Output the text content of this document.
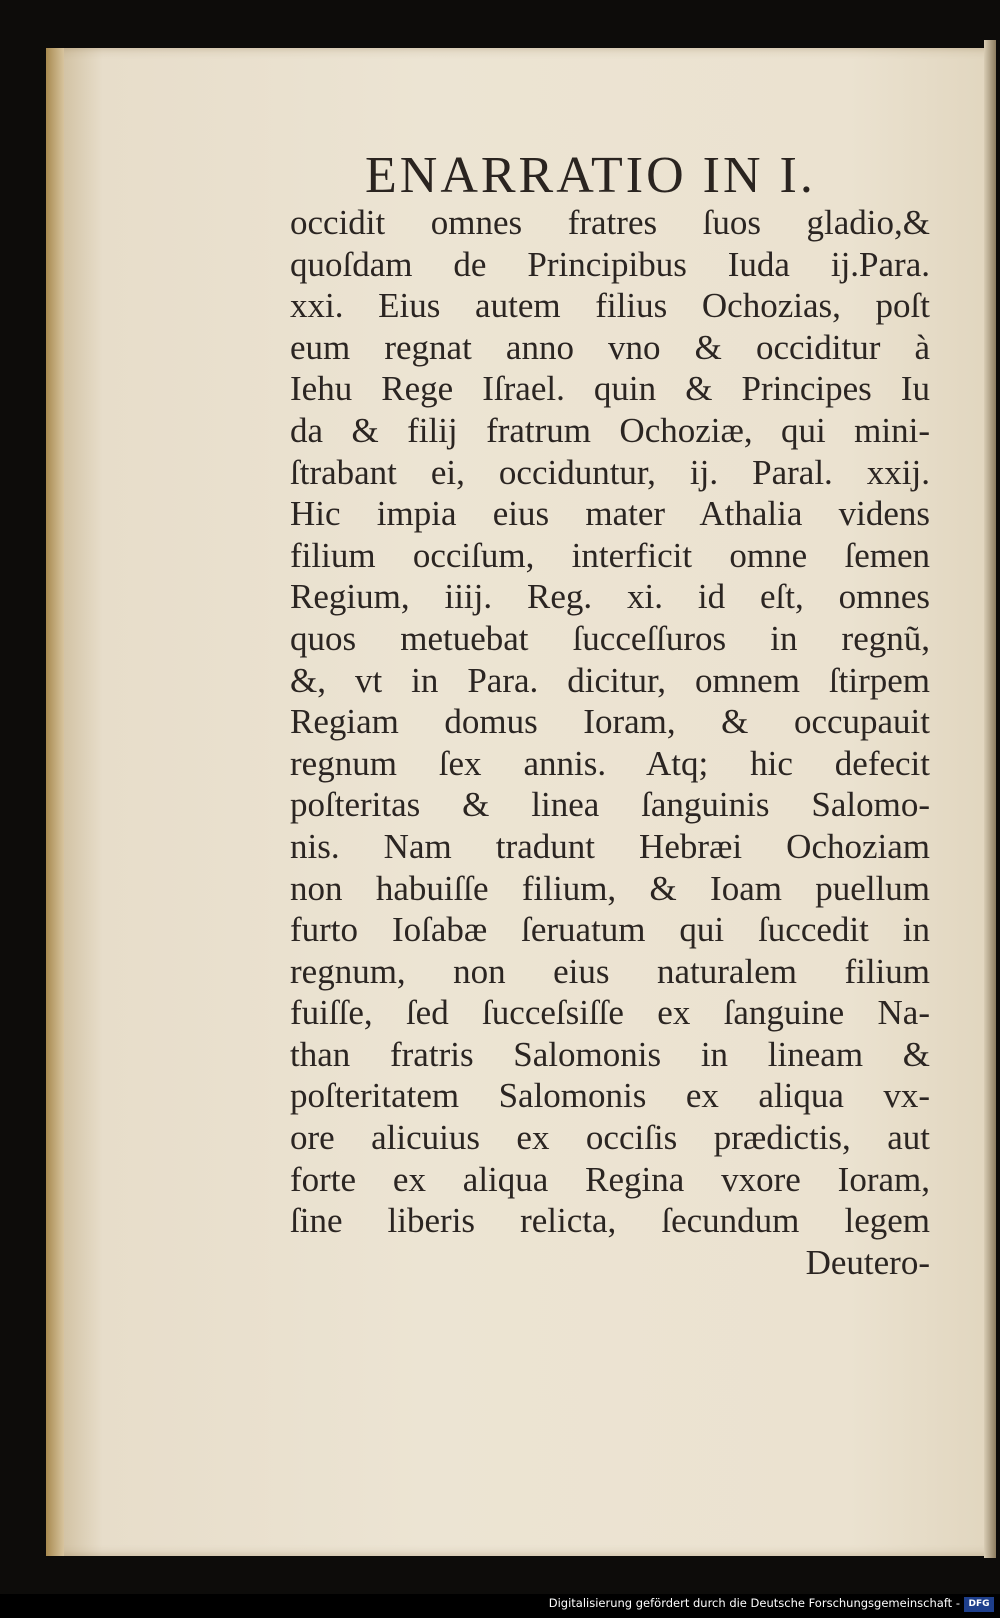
ENARRATIO IN I.
occidit omnes fratres ſuos gladio,&
quoſdam de Principibus Iuda ij.Para.
xxi. Eius autem filius Ochozias, poſt
eum regnat anno vno & occiditur à
Iehu Rege Iſrael. quin & Principes Iu
da & filij fratrum Ochoziæ, qui mini-
ſtrabant ei, occiduntur, ij. Paral. xxij.
Hic impia eius mater Athalia videns
filium occiſum, interficit omne ſemen
Regium, iiij. Reg. xi. id eſt, omnes
quos metuebat ſucceſſuros in regnũ,
&, vt in Para. dicitur, omnem ſtirpem
Regiam domus Ioram, & occupauit
regnum ſex annis. Atq; hic defecit
poſteritas & linea ſanguinis Salomo-
nis. Nam tradunt Hebræi Ochoziam
non habuiſſe filium, & Ioam puellum
furto Ioſabæ ſeruatum qui ſuccedit in
regnum, non eius naturalem filium
fuiſſe, ſed ſucceſsiſſe ex ſanguine Na-
than fratris Salomonis in lineam &
poſteritatem Salomonis ex aliqua vx-
ore alicuius ex occiſis prædictis, aut
forte ex aliqua Regina vxore Ioram,
ſine liberis relicta, ſecundum legem
Deutero-
Digitalisierung gefördert durch die Deutsche Forschungsgemeinschaft - DFG
